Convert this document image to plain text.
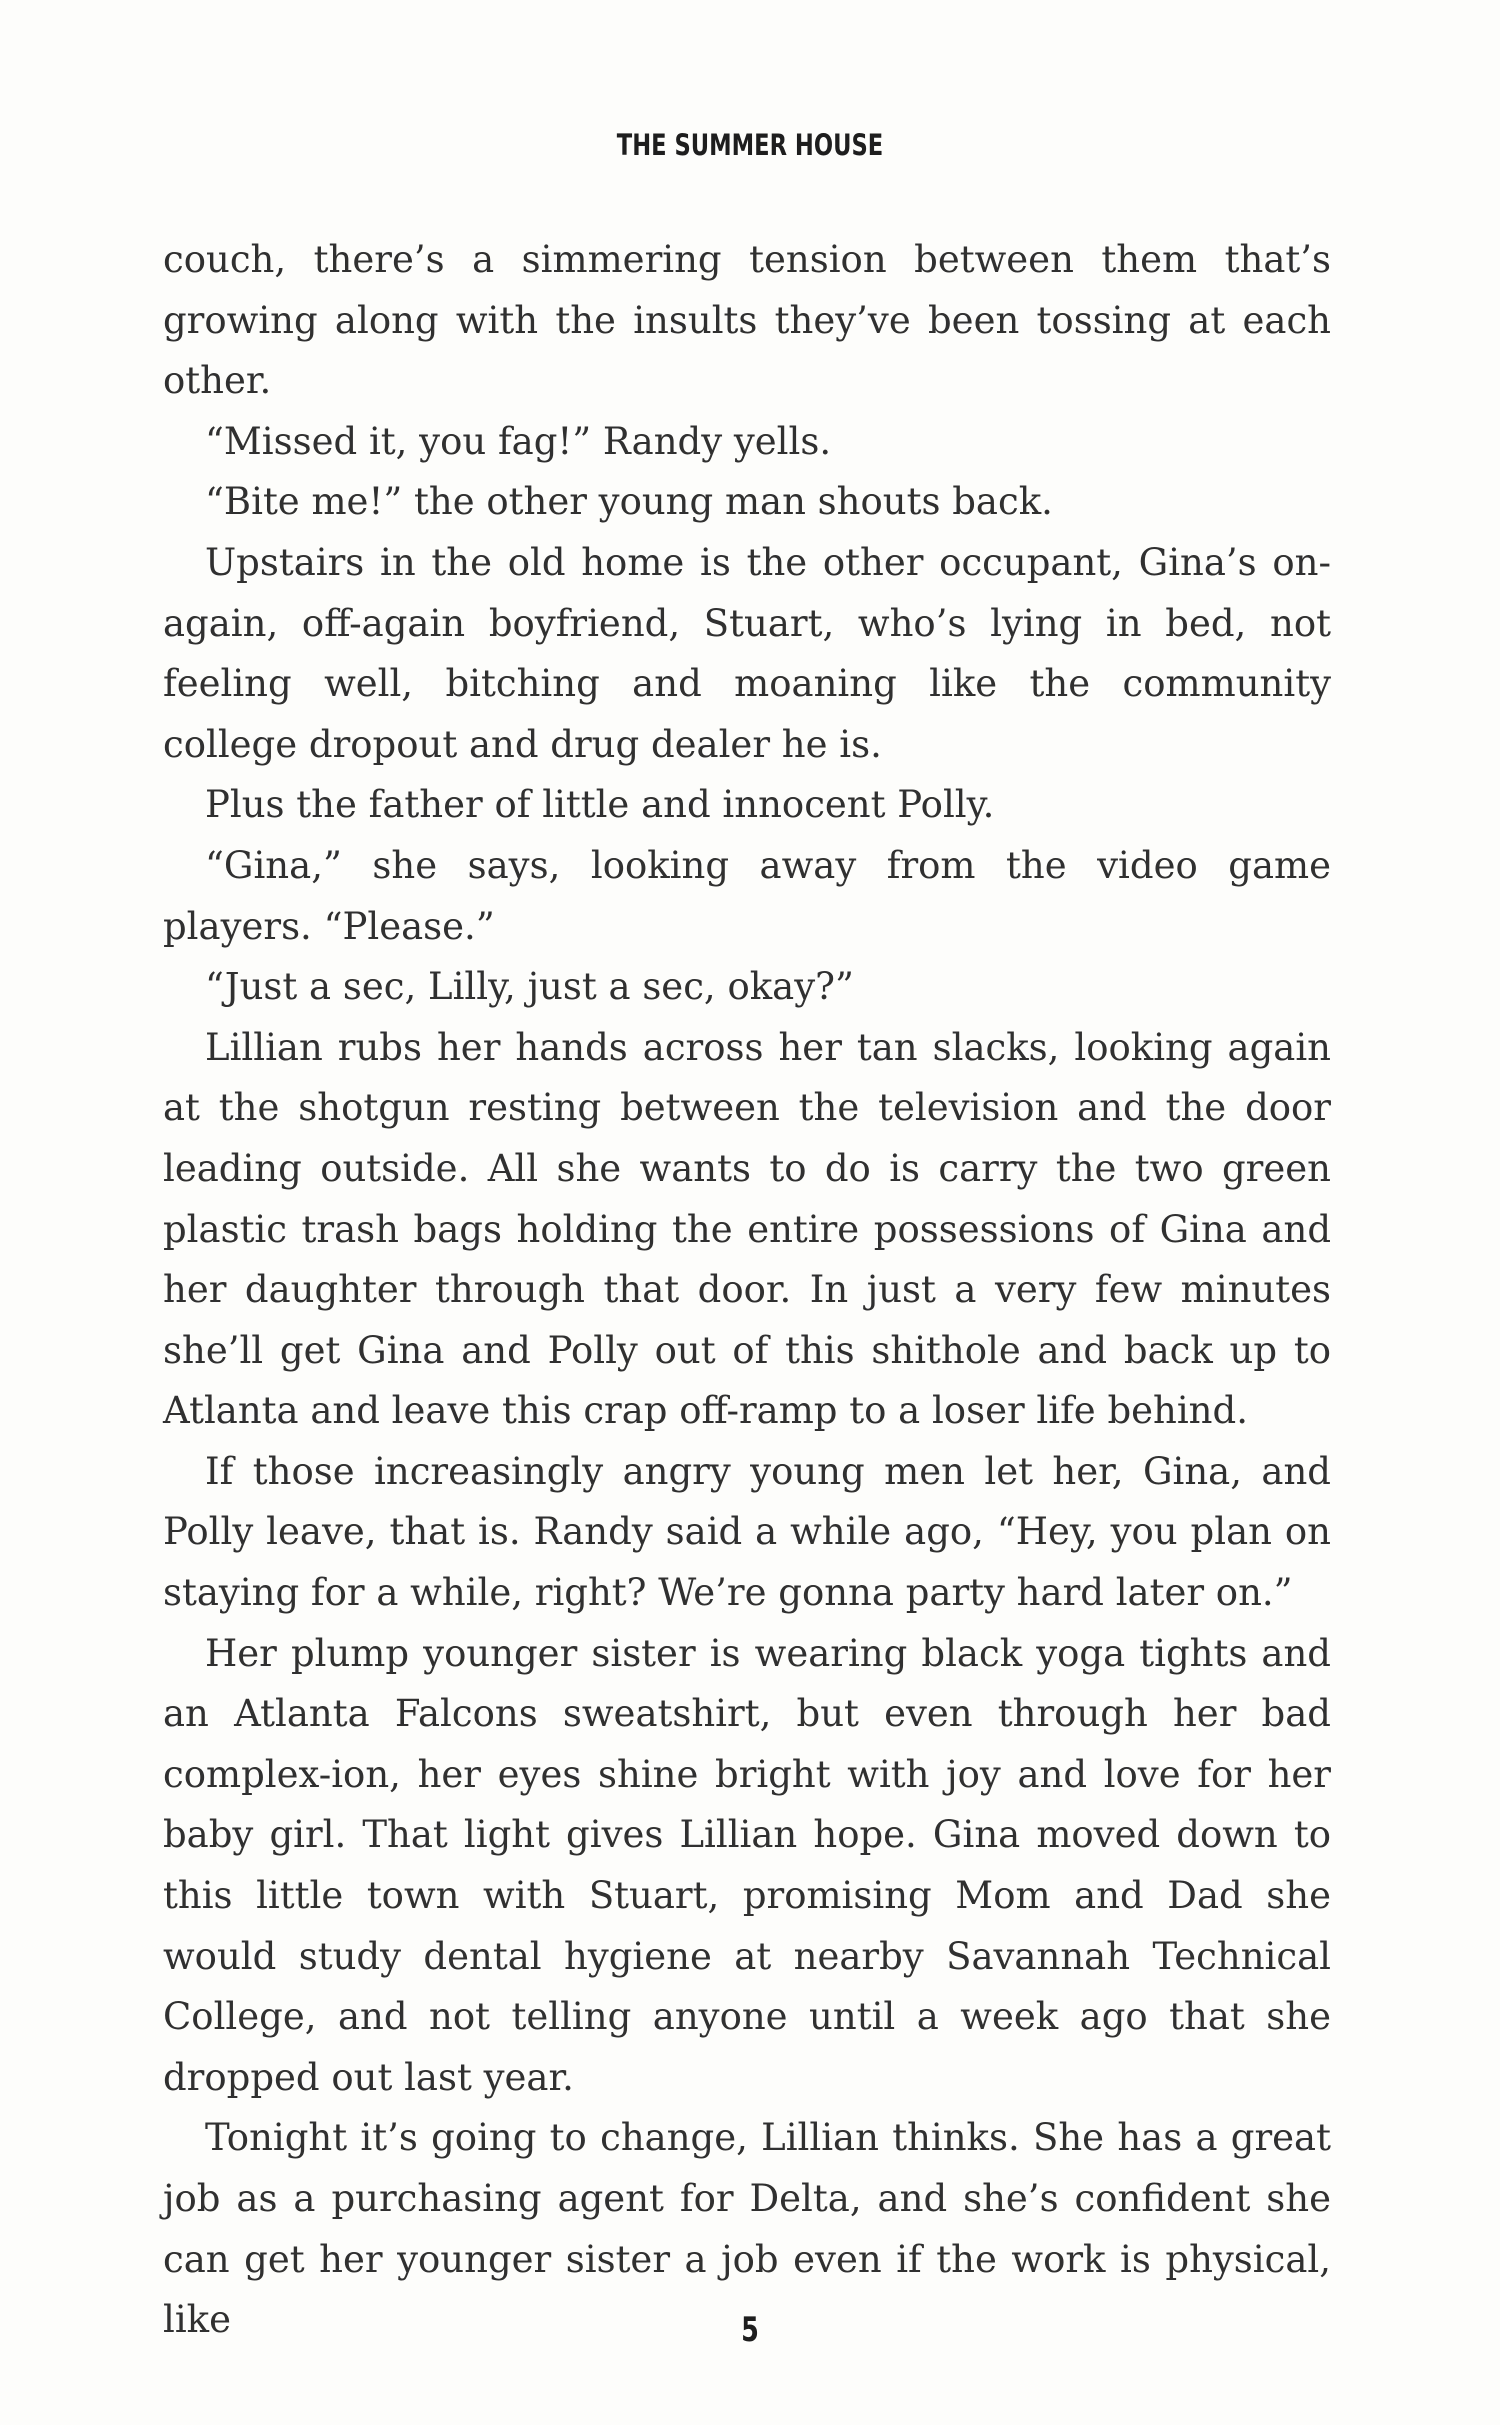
THE SUMMER HOUSE

couch, there’s a simmering tension between them that’s growing along with the insults they’ve been tossing at each other.

“Missed it, you fag!” Randy yells.

“Bite me!” the other young man shouts back.

Upstairs in the old home is the other occupant, Gina’s on-again, off-again boyfriend, Stuart, who’s lying in bed, not feeling well, bitching and moaning like the community college dropout and drug dealer he is.

Plus the father of little and innocent Polly.

“Gina,” she says, looking away from the video game players. “Please.”

“Just a sec, Lilly, just a sec, okay?”

Lillian rubs her hands across her tan slacks, looking again at the shotgun resting between the television and the door leading outside. All she wants to do is carry the two green plastic trash bags holding the entire possessions of Gina and her daughter through that door. In just a very few minutes she’ll get Gina and Polly out of this shithole and back up to Atlanta and leave this crap off-ramp to a loser life behind.

If those increasingly angry young men let her, Gina, and Polly leave, that is. Randy said a while ago, “Hey, you plan on staying for a while, right? We’re gonna party hard later on.”

Her plump younger sister is wearing black yoga tights and an Atlanta Falcons sweatshirt, but even through her bad complex-ion, her eyes shine bright with joy and love for her baby girl. That light gives Lillian hope. Gina moved down to this little town with Stuart, promising Mom and Dad she would study dental hygiene at nearby Savannah Technical College, and not telling anyone until a week ago that she dropped out last year.

Tonight it’s going to change, Lillian thinks. She has a great job as a purchasing agent for Delta, and she’s confident she can get her younger sister a job even if the work is physical, like	5
